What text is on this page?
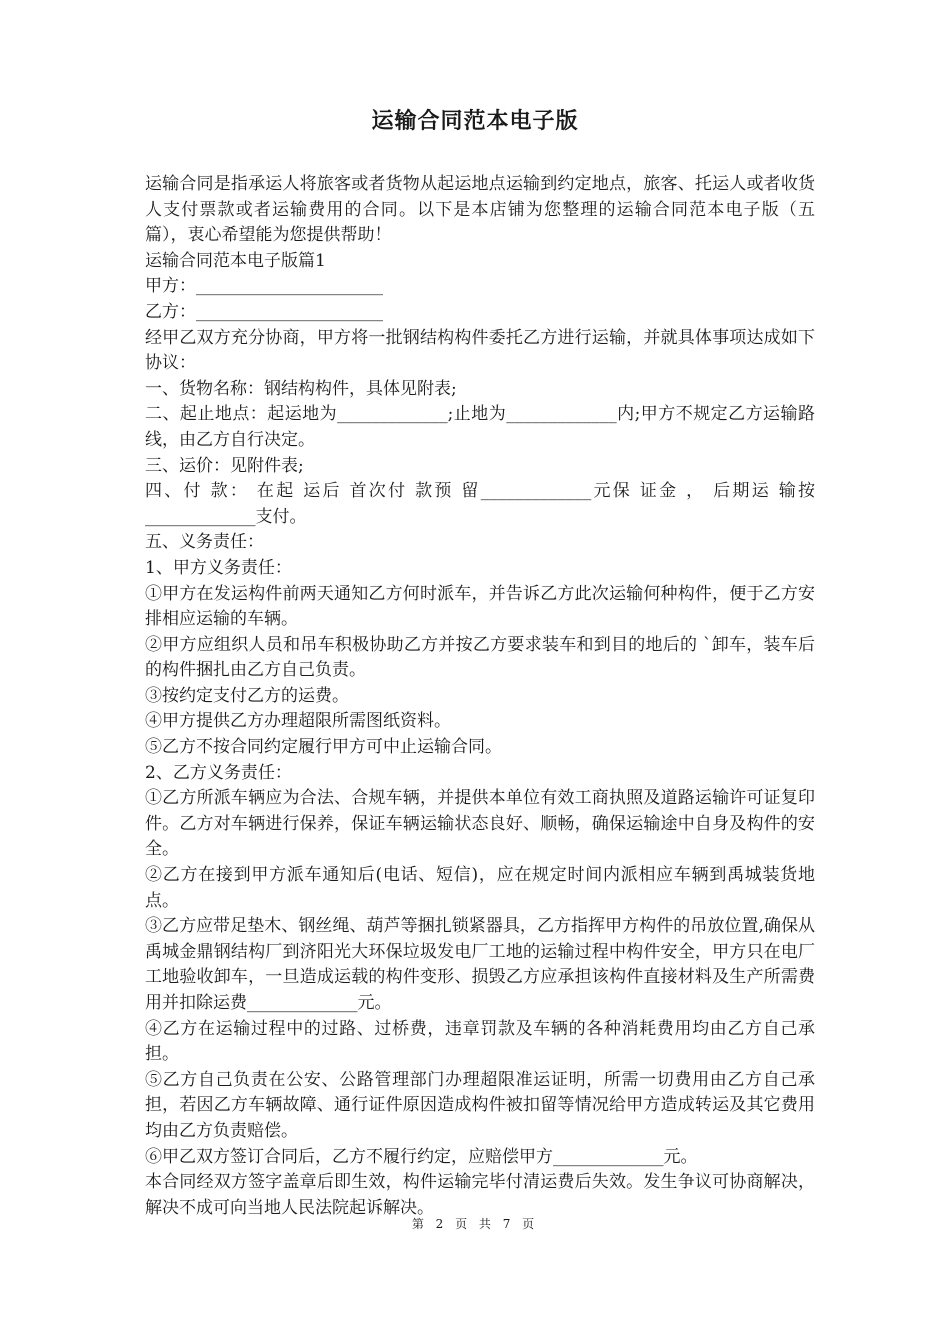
运输合同范本电子版

运输合同是指承运人将旅客或者货物从起运地点运输到约定地点，旅客、托运人或者收货人支付票款或者运输费用的合同。以下是本店铺为您整理的运输合同范本电子版（五篇），衷心希望能为您提供帮助！

运输合同范本电子版篇1

甲方：______________________

乙方：______________________

经甲乙双方充分协商，甲方将一批钢结构构件委托乙方进行运输，并就具体事项达成如下协议：

一、货物名称：钢结构构件，具体见附表;

二、起止地点：起运地为_____________;止地为_____________内;甲方不规定乙方运输路线，由乙方自行决定。

三、运价：见附件表;

四、付 款： 在起 运后 首次付 款预 留_____________元保 证金 ， 后期运 输按_____________支付。

五、义务责任：

1、甲方义务责任：

①甲方在发运构件前两天通知乙方何时派车，并告诉乙方此次运输何种构件，便于乙方安排相应运输的车辆。

②甲方应组织人员和吊车积极协助乙方并按乙方要求装车和到目的地后的 `卸车，装车后的构件捆扎由乙方自己负责。

③按约定支付乙方的运费。

④甲方提供乙方办理超限所需图纸资料。

⑤乙方不按合同约定履行甲方可中止运输合同。

2、乙方义务责任：

①乙方所派车辆应为合法、合规车辆，并提供本单位有效工商执照及道路运输许可证复印件。乙方对车辆进行保养，保证车辆运输状态良好、顺畅，确保运输途中自身及构件的安全。

②乙方在接到甲方派车通知后(电话、短信)，应在规定时间内派相应车辆到禹城装货地点。

③乙方应带足垫木、钢丝绳、葫芦等捆扎锁紧器具，乙方指挥甲方构件的吊放位置,确保从禹城金鼎钢结构厂到济阳光大环保垃圾发电厂工地的运输过程中构件安全，甲方只在电厂工地验收卸车，一旦造成运载的构件变形、损毁乙方应承担该构件直接材料及生产所需费用并扣除运费_____________元。

④乙方在运输过程中的过路、过桥费，违章罚款及车辆的各种消耗费用均由乙方自己承担。

⑤乙方自己负责在公安、公路管理部门办理超限准运证明，所需一切费用由乙方自己承担，若因乙方车辆故障、通行证件原因造成构件被扣留等情况给甲方造成转运及其它费用均由乙方负责赔偿。

⑥甲乙双方签订合同后，乙方不履行约定，应赔偿甲方_____________元。

本合同经双方签字盖章后即生效，构件运输完毕付清运费后失效。发生争议可协商解决，解决不成可向当地人民法院起诉解决。

第 2 页 共 7 页
